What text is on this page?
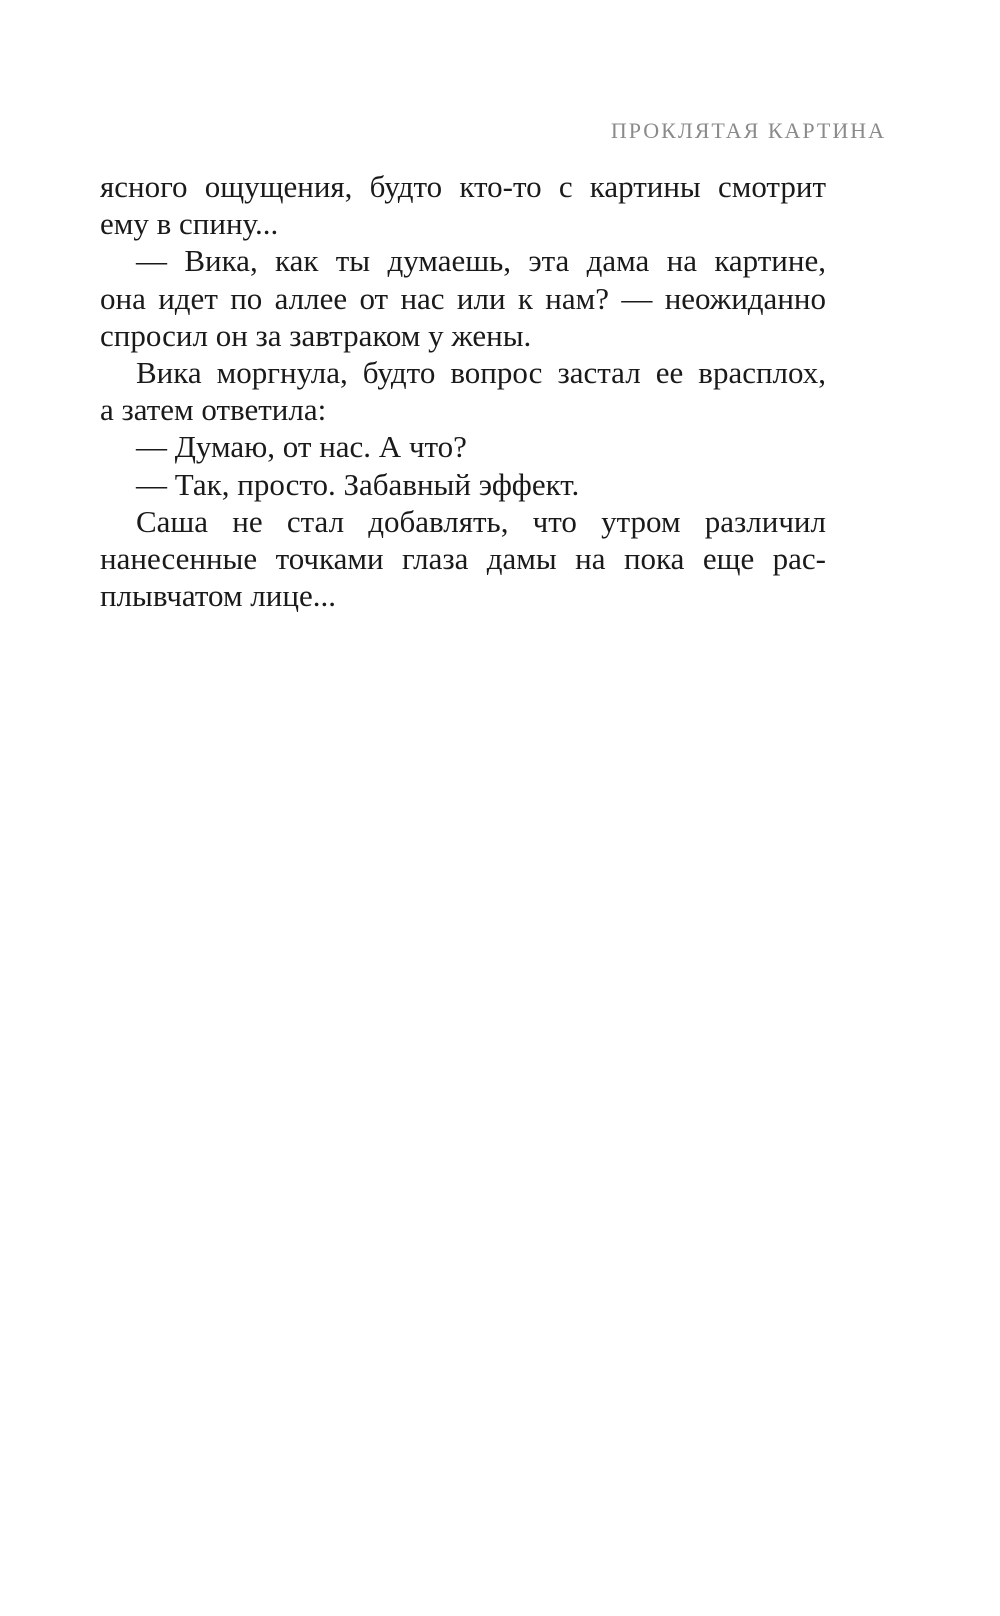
ПРОКЛЯТАЯ КАРТИНА
ясного ощущения, будто кто-то с картины смотрит
ему в спину...
— Вика, как ты думаешь, эта дама на картине,
она идет по аллее от нас или к нам? — неожиданно
спросил он за завтраком у жены.
Вика моргнула, будто вопрос застал ее врасплох,
а затем ответила:
— Думаю, от нас. А что?
— Так, просто. Забавный эффект.
Саша не стал добавлять, что утром различил
нанесенные точками глаза дамы на пока еще рас-
плывчатом лице...
